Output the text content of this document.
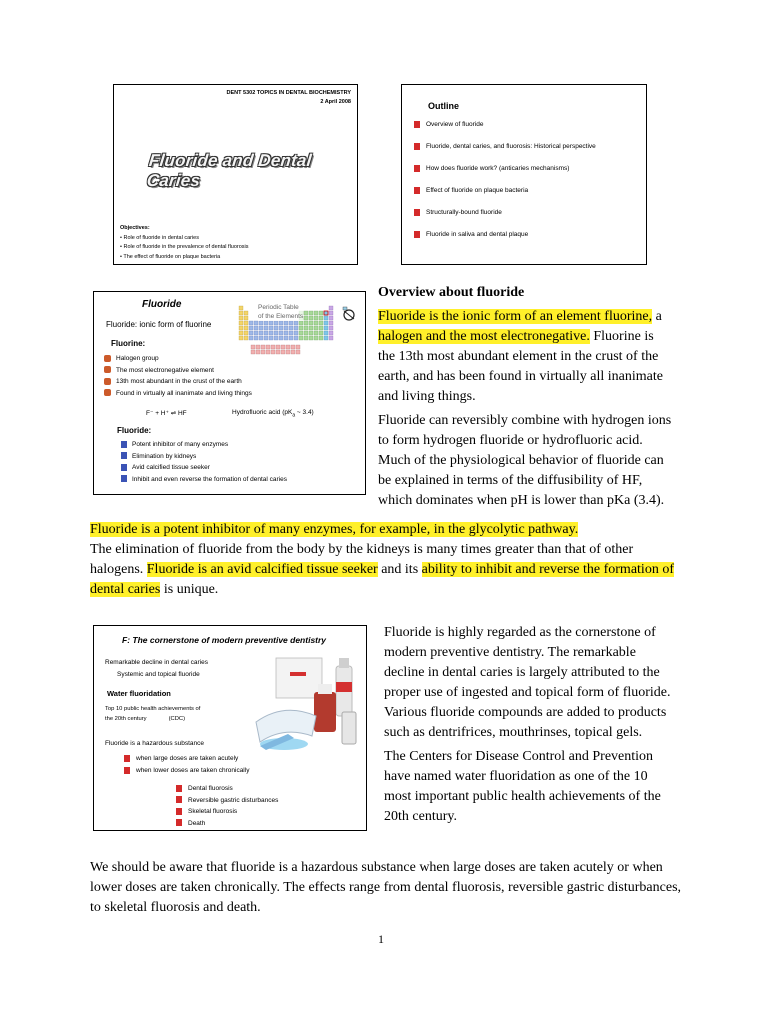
DENT 5302 TOPICS IN DENTAL BIOCHEMISTRY
2 April 2008
Fluoride and Dental Caries
Objectives:
• Role of fluoride in dental caries
• Role of fluoride in the prevalence of dental fluorosis
• The effect of fluoride on plaque bacteria
Outline
Overview of fluoride
Fluoride, dental caries, and fluorosis: Historical perspective
How does fluoride work? (anticaries mechanisms)
Effect of fluoride on plaque bacteria
Structurally-bound fluoride
Fluoride in saliva and dental plaque
Fluoride
Fluoride: ionic form of fluorine
Periodic Table
of the Elements
Fluorine:
Halogen group
The most electronegative element
13th most abundant in the crust of the earth
Found in virtually all inanimate and living things
F⁻ + H⁺ ⇌ HF	Hydrofluoric acid ($pK_a$ ~ 3.4)
Fluoride:
Potent inhibitor of many enzymes
Elimination by kidneys
Avid calcified tissue seeker
Inhibit and even reverse the formation of dental caries
Overview about fluoride
Fluoride is the ionic form of an element fluorine, a halogen and the most electronegative. Fluorine is the 13th most abundant element in the crust of the earth, and has been found in virtually all inanimate and living things.
Fluoride can reversibly combine with hydrogen ions to form hydrogen fluoride or hydrofluoric acid. Much of the physiological behavior of fluoride can be explained in terms of the diffusibility of HF, which dominates when pH is lower than pKa (3.4).
Fluoride is a potent inhibitor of many enzymes, for example, in the glycolytic pathway.
The elimination of fluoride from the body by the kidneys is many times greater than that of other halogens. Fluoride is an avid calcified tissue seeker and its ability to inhibit and reverse the formation of dental caries is unique.
F: The cornerstone of modern preventive dentistry
Remarkable decline in dental caries
Systemic and topical fluoride
Water fluoridation
Top 10 public health achievements of
the 20th century	(CDC)
Fluoride is a hazardous substance
when large doses are taken acutely
when lower doses are taken chronically
Dental fluorosis
Reversible gastric disturbances
Skeletal fluorosis
Death
Fluoride is highly regarded as the cornerstone of modern preventive dentistry. The remarkable decline in dental caries is largely attributed to the proper use of ingested and topical form of fluoride. Various fluoride compounds are added to products such as dentrifrices, mouthrinses, topical gels.
The Centers for Disease Control and Prevention have named water fluoridation as one of the 10 most important public health achievements of the 20th century.
We should be aware that fluoride is a hazardous substance when large doses are taken acutely or when lower doses are taken chronically. The effects range from dental fluorosis, reversible gastric disturbances, to skeletal fluorosis and death.
1
